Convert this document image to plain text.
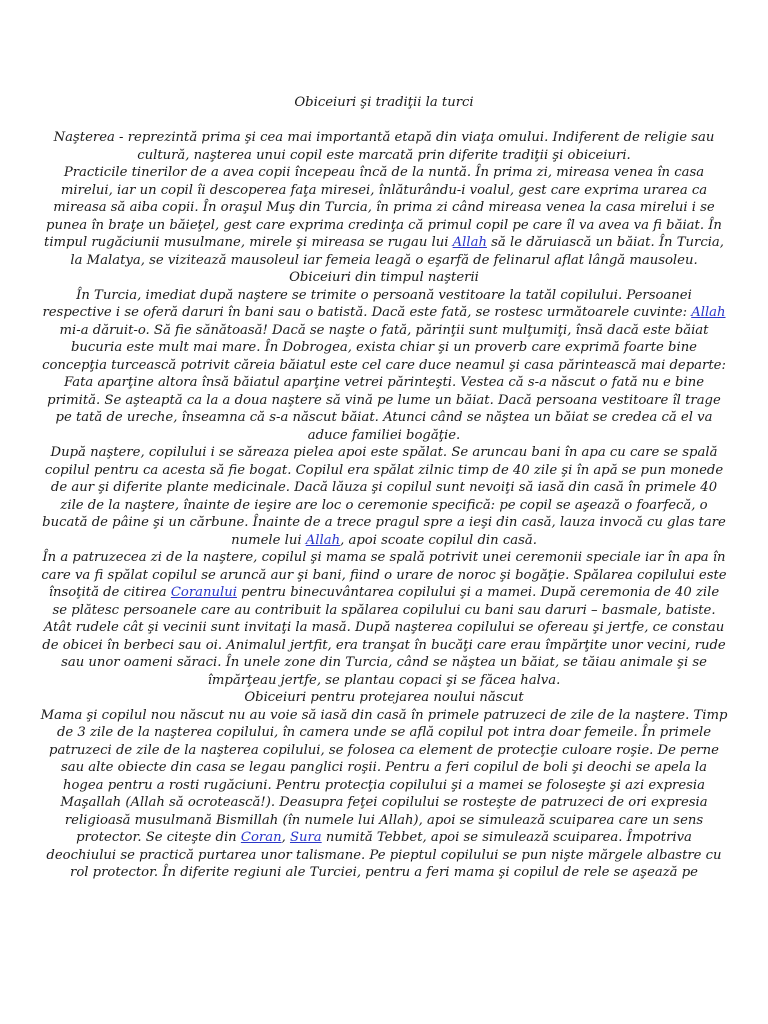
Obiceiuri şi tradiţii la turci

Naşterea - reprezintă prima şi cea mai importantă etapă din viaţa omului. Indiferent de religie sau cultură, naşterea unui copil este marcată prin diferite tradiţii şi obiceiuri.

Practicile tinerilor de a avea copii începeau încă de la nuntă. În prima zi, mireasa venea în casa mirelui, iar un copil îi descoperea faţa miresei, înlăturându-i voalul, gest care exprima urarea ca mireasa să aiba copii. În oraşul Muş din Turcia, în prima zi când mireasa venea la casa mirelui i se punea în braţe un băieţel, gest care exprima credinţa că primul copil pe care îl va avea va fi băiat. În timpul rugăciunii musulmane, mirele şi mireasa se rugau lui Allah să le dăruiască un băiat. În Turcia, la Malatya, se vizitează mausoleul iar femeia leagă o eşarfă de felinarul aflat lângă mausoleu.

Obiceiuri din timpul naşterii

În Turcia, imediat după naştere se trimite o persoană vestitoare la tatăl copilului. Persoanei respective i se oferă daruri în bani sau o batistă. Dacă este fată, se rostesc următoarele cuvinte: Allah mi-a dăruit-o. Să fie sănătoasă! Dacă se naşte o fată, părinţii sunt mulţumiţi, însă dacă este băiat bucuria este mult mai mare. În Dobrogea, exista chiar şi un proverb care exprimă foarte bine concepţia turcească potrivit căreia băiatul este cel care duce neamul şi casa părintească mai departe: Fata aparţine altora însă băiatul aparţine vetrei părinteşti. Vestea că s-a născut o fată nu e bine primită. Se aşteaptă ca la a doua naştere să vină pe lume un băiat. Dacă persoana vestitoare îl trage pe tată de ureche, înseamna că s-a născut băiat. Atunci când se năştea un băiat se credea că el va aduce familiei bogăţie.

După naştere, copilului i se săreaza pielea apoi este spălat. Se aruncau bani în apa cu care se spală copilul pentru ca acesta să fie bogat. Copilul era spălat zilnic timp de 40 zile şi în apă se pun monede de aur şi diferite plante medicinale. Dacă lăuza şi copilul sunt nevoiţi să iasă din casă în primele 40 zile de la naştere, înainte de ieşire are loc o ceremonie specifică: pe copil se aşează o foarfecă, o bucată de pâine şi un cărbune. Înainte de a trece pragul spre a ieşi din casă, lauza invocă cu glas tare numele lui Allah, apoi scoate copilul din casă.

În a patruzecea zi de la naştere, copilul şi mama se spală potrivit unei ceremonii speciale iar în apa în care va fi spălat copilul se aruncă aur şi bani, fiind o urare de noroc şi bogăţie. Spălarea copilului este însoţită de citirea Coranului pentru binecuvântarea copilului şi a mamei. După ceremonia de 40 zile se plătesc persoanele care au contribuit la spălarea copilului cu bani sau daruri – basmale, batiste. Atât rudele cât şi vecinii sunt invitaţi la masă. După naşterea copilului se ofereau şi jertfe, ce constau de obicei în berbeci sau oi. Animalul jertfit, era tranşat în bucăţi care erau împărţite unor vecini, rude sau unor oameni săraci. În unele zone din Turcia, când se năştea un băiat, se tăiau animale şi se împărţeau jertfe, se plantau copaci şi se făcea halva.

Obiceiuri pentru protejarea noului născut

Mama şi copilul nou născut nu au voie să iasă din casă în primele patruzeci de zile de la naştere. Timp de 3 zile de la naşterea copilului, în camera unde se află copilul pot intra doar femeile. În primele patruzeci de zile de la naşterea copilului, se folosea ca element de protecţie culoare roşie. De perne sau alte obiecte din casa se legau panglici roşii. Pentru a feri copilul de boli şi deochi se apela la hogea pentru a rosti rugăciuni. Pentru protecţia copilului şi a mamei se foloseşte şi azi expresia Maşallah (Allah să ocrotească!). Deasupra feţei copilului se rosteşte de patruzeci de ori expresia religioasă musulmană Bismillah (în numele lui Allah), apoi se simulează scuiparea care un sens protector. Se citeşte din Coran, Sura numită Tebbet, apoi se simulează scuiparea. Împotriva deochiului se practică purtarea unor talismane. Pe pieptul copilului se pun nişte mărgele albastre cu rol protector. În diferite regiuni ale Turciei, pentru a feri mama şi copilul de rele se aşează pe
